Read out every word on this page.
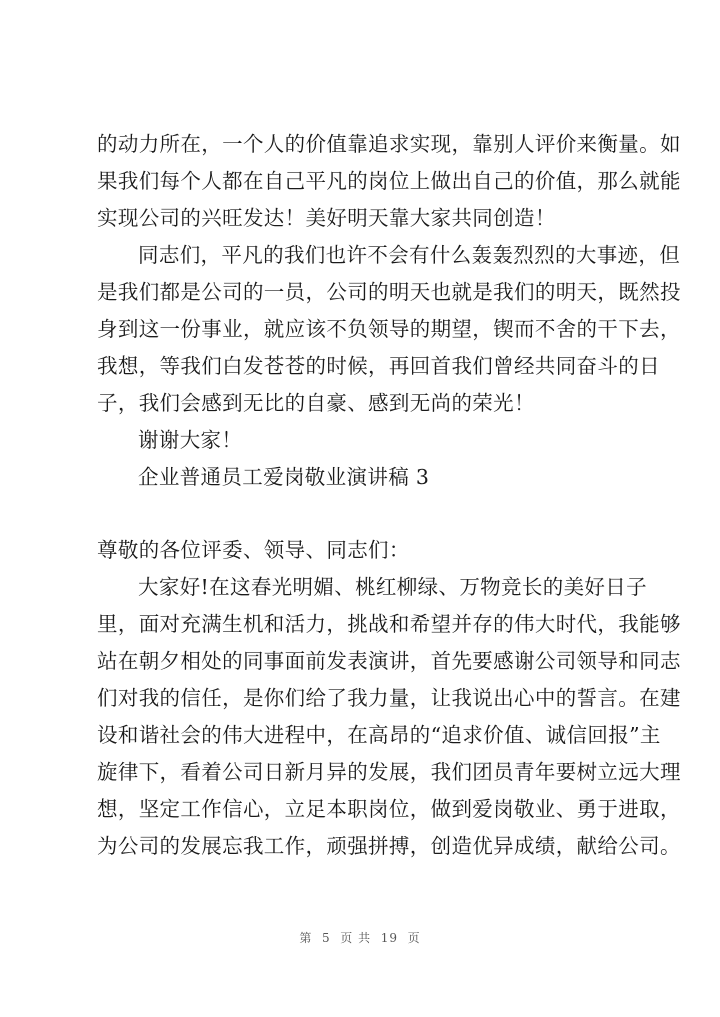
的动力所在，一个人的价值靠追求实现，靠别人评价来衡量。如
果我们每个人都在自己平凡的岗位上做出自己的价值，那么就能
实现公司的兴旺发达！美好明天靠大家共同创造！
同志们，平凡的我们也许不会有什么轰轰烈烈的大事迹，但
是我们都是公司的一员，公司的明天也就是我们的明天，既然投
身到这一份事业，就应该不负领导的期望，锲而不舍的干下去，
我想，等我们白发苍苍的时候，再回首我们曾经共同奋斗的日
子，我们会感到无比的自豪、感到无尚的荣光！
谢谢大家！
企业普通员工爱岗敬业演讲稿 3
尊敬的各位评委、领导、同志们：
大家好!在这春光明媚、桃红柳绿、万物竞长的美好日子
里，面对充满生机和活力，挑战和希望并存的伟大时代，我能够
站在朝夕相处的同事面前发表演讲，首先要感谢公司领导和同志
们对我的信任，是你们给了我力量，让我说出心中的誓言。在建
设和谐社会的伟大进程中，在高昂的“追求价值、诚信回报”主
旋律下，看着公司日新月异的发展，我们团员青年要树立远大理
想，坚定工作信心，立足本职岗位，做到爱岗敬业、勇于进取，
为公司的发展忘我工作，顽强拼搏，创造优异成绩，献给公司。
第  5  页 共  19  页
